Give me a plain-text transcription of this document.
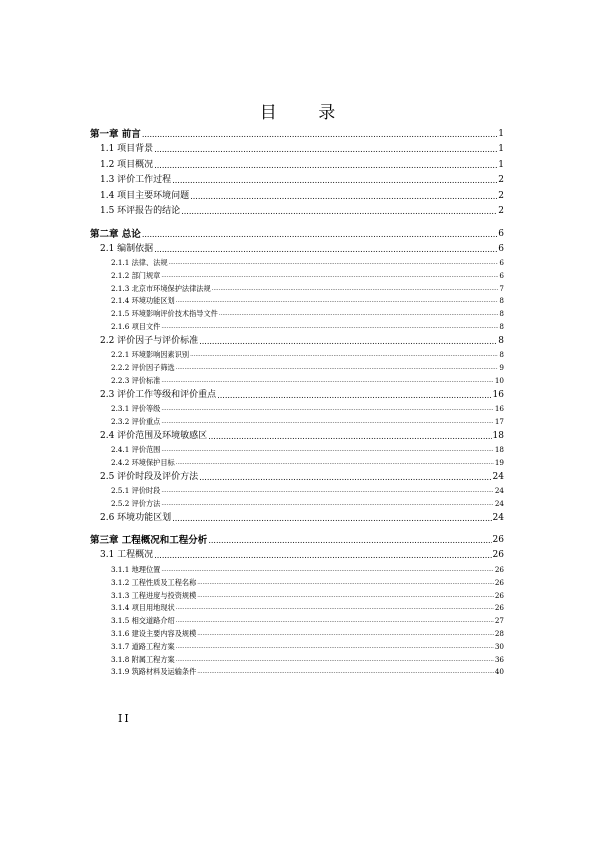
目 录
第一章 前言 .....	1
1.1 项目背景 .....	1
1.2 项目概况 .....	1
1.3 评价工作过程 .....	2
1.4 项目主要环境问题 .....	2
1.5 环评报告的结论 .....	2
第二章 总论 .....	6
2.1 编制依据 .....	6
2.1.1 法律、法规 .....	6
2.1.2 部门规章 .....	6
2.1.3 北京市环境保护法律法规 .....	7
2.1.4 环境功能区划 .....	8
2.1.5 环境影响评价技术指导文件 .....	8
2.1.6 项目文件 .....	8
2.2 评价因子与评价标准 .....	8
2.2.1 环境影响因素识别 .....	8
2.2.2 评价因子筛选 .....	9
2.2.3 评价标准 .....	10
2.3 评价工作等级和评价重点 .....	16
2.3.1 评价等级 .....	16
2.3.2 评价重点 .....	17
2.4 评价范围及环境敏感区 .....	18
2.4.1 评价范围 .....	18
2.4.2 环境保护目标 .....	19
2.5 评价时段及评价方法 .....	24
2.5.1 评价时段 .....	24
2.5.2 评价方法 .....	24
2.6 环境功能区划 .....	24
第三章 工程概况和工程分析 .....	26
3.1 工程概况 .....	26
3.1.1 地理位置 .....	26
3.1.2 工程性质及工程名称 .....	26
3.1.3 工程进度与投资规模 .....	26
3.1.4 项目用地现状 .....	26
3.1.5 相交道路介绍 .....	27
3.1.6 建设主要内容及规模 .....	28
3.1.7 道路工程方案 .....	30
3.1.8 附属工程方案 .....	36
3.1.9 筑路材料及运输条件 .....	40
II
